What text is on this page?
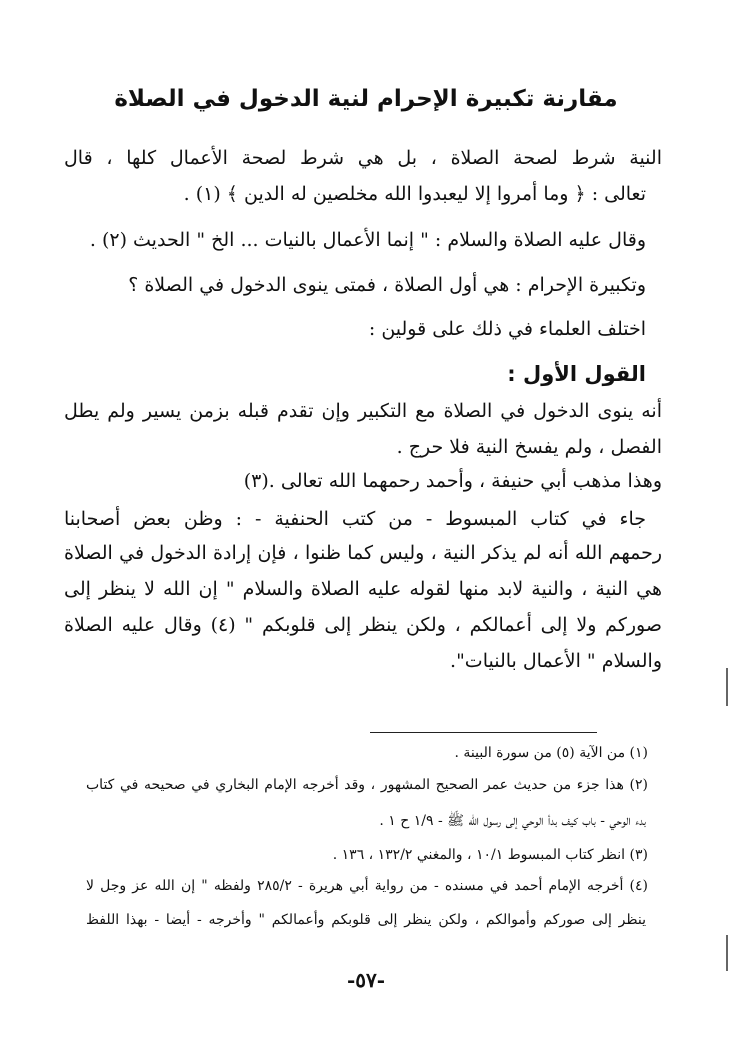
مقارنة تكبيرة الإحرام لنية الدخول في الصلاة
النية شرط لصحة الصلاة ، بل هي شرط لصحة الأعمال كلها ، قال
تعالى : ﴿ وما أمروا إلا ليعبدوا الله مخلصين له الدين ﴾ (١) .
وقال عليه الصلاة والسلام : " إنما الأعمال بالنيات ... الخ " الحديث (٢) .
وتكبيرة الإحرام : هي أول الصلاة ، فمتى ينوى الدخول في الصلاة ؟
اختلف العلماء في ذلك على قولين :
القول الأول :
أنه ينوى الدخول في الصلاة مع التكبير وإن تقدم قبله بزمن يسير ولم يطل
الفصل ، ولم يفسخ النية فلا حرج .
وهذا مذهب أبي حنيفة ، وأحمد رحمهما الله تعالى .(٣)
جاء في كتاب المبسوط - من كتب الحنفية - : وظن بعض أصحابنا
رحمهم الله أنه لم يذكر النية ، وليس كما ظنوا ، فإن إرادة الدخول في الصلاة
هي النية ، والنية لابد منها لقوله عليه الصلاة والسلام " إن الله لا ينظر إلى
صوركم ولا إلى أعمالكم ، ولكن ينظر إلى قلوبكم " (٤) وقال عليه الصلاة
والسلام " الأعمال بالنيات".
(١) من الآية (٥) من سورة البينة .
(٢) هذا جزء من حديث عمر الصحيح المشهور ، وقد أخرجه الإمام البخاري في صحيحه في كتاب
بدء الوحي - باب كيف بدأ الوحي إلى رسول الله ﷺ - ١/٩ ح ١ .
(٣) انظر كتاب المبسوط ١٠/١ ، والمغني ١٣٢/٢ ، ١٣٦ .
(٤) أخرجه الإمام أحمد في مسنده - من رواية أبي هريرة - ٢٨٥/٢ ولفظه " إن الله عز وجل لا
ينظر إلى صوركم وأموالكم ، ولكن ينظر إلى قلوبكم وأعمالكم " وأخرجه - أيضا - بهذا اللفظ
-٥٧-
